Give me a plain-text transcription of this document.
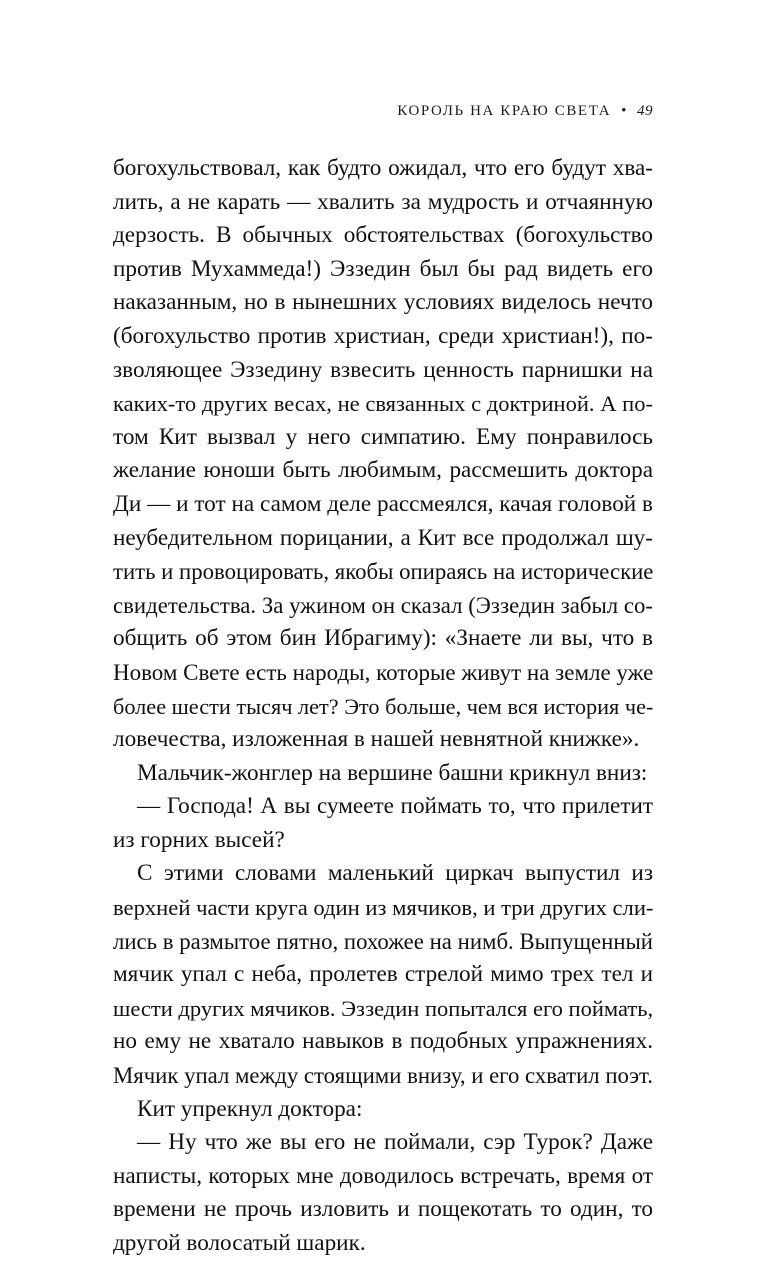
КОРОЛЬ НА КРАЮ СВЕТА • 49
богохульствовал, как будто ожидал, что его будут хва-
лить, а не карать — хвалить за мудрость и отчаянную
дерзость. В обычных обстоятельствах (богохульство
против Мухаммеда!) Эззедин был бы рад видеть его
наказанным, но в нынешних условиях виделось нечто
(богохульство против христиан, среди христиан!), по-
зволяющее Эззедину взвесить ценность парнишки на
каких-то других весах, не связанных с доктриной. А по-
том Кит вызвал у него симпатию. Ему понравилось
желание юноши быть любимым, рассмешить доктора
Ди — и тот на самом деле рассмеялся, качая головой в
неубедительном порицании, а Кит все продолжал шу-
тить и провоцировать, якобы опираясь на исторические
свидетельства. За ужином он сказал (Эззедин забыл со-
общить об этом бин Ибрагиму): «Знаете ли вы, что в
Новом Свете есть народы, которые живут на земле уже
более шести тысяч лет? Это больше, чем вся история че-
ловечества, изложенная в нашей невнятной книжке».
Мальчик-жонглер на вершине башни крикнул вниз:
— Господа! А вы сумеете поймать то, что прилетит
из горних высей?
С этими словами маленький циркач выпустил из
верхней части круга один из мячиков, и три других сли-
лись в размытое пятно, похожее на нимб. Выпущенный
мячик упал с неба, пролетев стрелой мимо трех тел и
шести других мячиков. Эззедин попытался его поймать,
но ему не хватало навыков в подобных упражнениях.
Мячик упал между стоящими внизу, и его схватил поэт.
Кит упрекнул доктора:
— Ну что же вы его не поймали, сэр Турок? Даже
написты, которых мне доводилось встречать, время от
времени не прочь изловить и пощекотать то один, то
другой волосатый шарик.
